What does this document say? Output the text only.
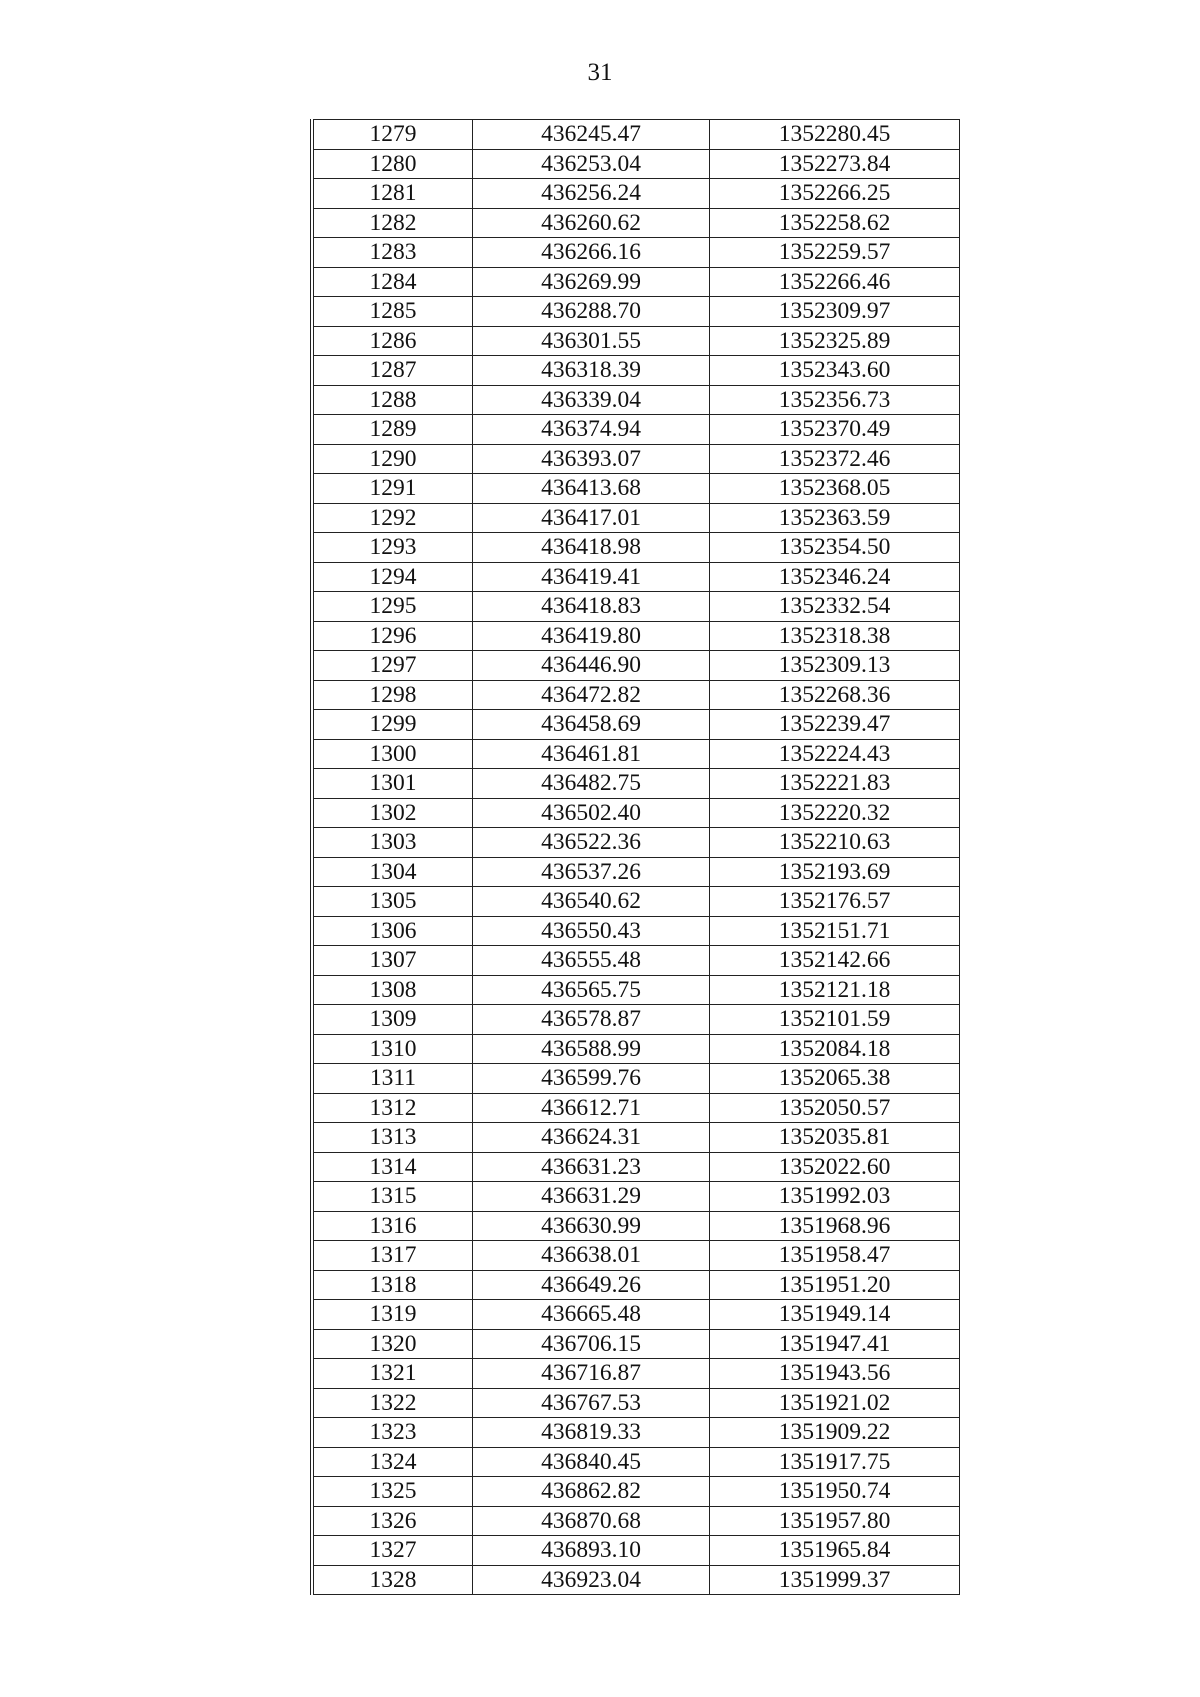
31
1279	436245.47	1352280.45
1280	436253.04	1352273.84
1281	436256.24	1352266.25
1282	436260.62	1352258.62
1283	436266.16	1352259.57
1284	436269.99	1352266.46
1285	436288.70	1352309.97
1286	436301.55	1352325.89
1287	436318.39	1352343.60
1288	436339.04	1352356.73
1289	436374.94	1352370.49
1290	436393.07	1352372.46
1291	436413.68	1352368.05
1292	436417.01	1352363.59
1293	436418.98	1352354.50
1294	436419.41	1352346.24
1295	436418.83	1352332.54
1296	436419.80	1352318.38
1297	436446.90	1352309.13
1298	436472.82	1352268.36
1299	436458.69	1352239.47
1300	436461.81	1352224.43
1301	436482.75	1352221.83
1302	436502.40	1352220.32
1303	436522.36	1352210.63
1304	436537.26	1352193.69
1305	436540.62	1352176.57
1306	436550.43	1352151.71
1307	436555.48	1352142.66
1308	436565.75	1352121.18
1309	436578.87	1352101.59
1310	436588.99	1352084.18
1311	436599.76	1352065.38
1312	436612.71	1352050.57
1313	436624.31	1352035.81
1314	436631.23	1352022.60
1315	436631.29	1351992.03
1316	436630.99	1351968.96
1317	436638.01	1351958.47
1318	436649.26	1351951.20
1319	436665.48	1351949.14
1320	436706.15	1351947.41
1321	436716.87	1351943.56
1322	436767.53	1351921.02
1323	436819.33	1351909.22
1324	436840.45	1351917.75
1325	436862.82	1351950.74
1326	436870.68	1351957.80
1327	436893.10	1351965.84
1328	436923.04	1351999.37
